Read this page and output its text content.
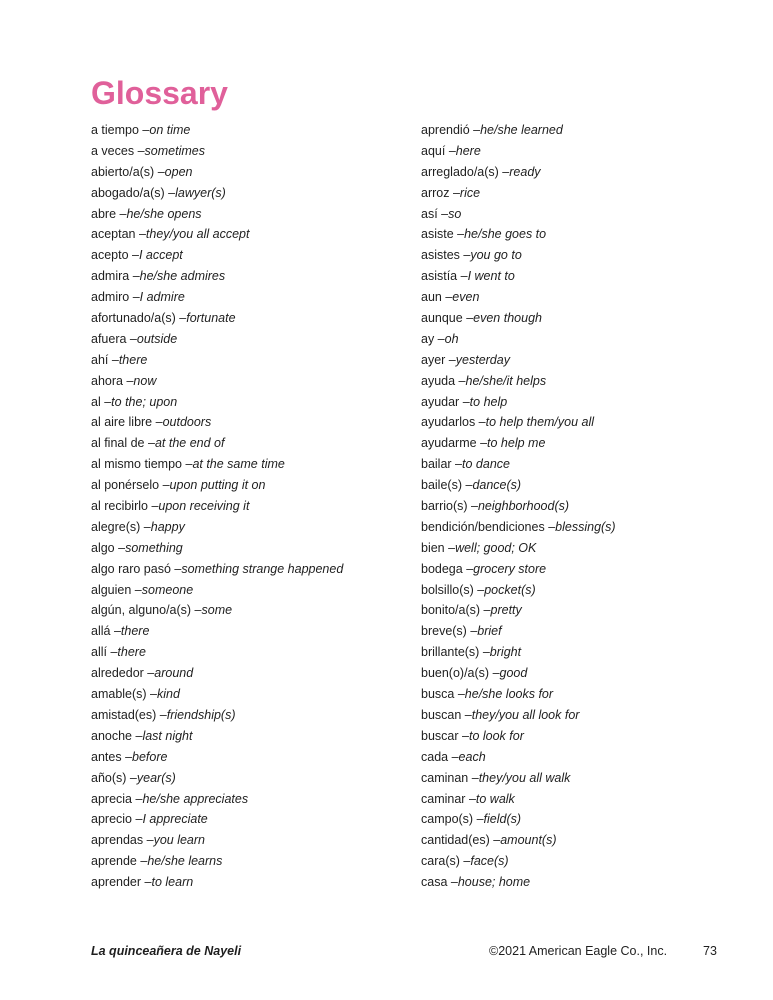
Glossary
a tiempo – on time
a veces – sometimes
abierto/a(s) – open
abogado/a(s) – lawyer(s)
abre – he/she opens
aceptan – they/you all accept
acepto – I accept
admira – he/she admires
admiro – I admire
afortunado/a(s) – fortunate
afuera – outside
ahí – there
ahora – now
al – to the; upon
al aire libre – outdoors
al final de – at the end of
al mismo tiempo – at the same time
al ponérselo – upon putting it on
al recibirlo – upon receiving it
alegre(s) – happy
algo – something
algo raro pasó – something strange happened
alguien – someone
algún, alguno/a(s) – some
allá – there
allí – there
alrededor – around
amable(s) – kind
amistad(es) – friendship(s)
anoche – last night
antes – before
año(s) – year(s)
aprecia – he/she appreciates
aprecio – I appreciate
aprendas – you learn
aprende – he/she learns
aprender – to learn
aprendió – he/she learned
aquí – here
arreglado/a(s) – ready
arroz – rice
así – so
asiste – he/she goes to
asistes – you go to
asistía – I went to
aun – even
aunque – even though
ay – oh
ayer – yesterday
ayuda – he/she/it helps
ayudar – to help
ayudarlos – to help them/you all
ayudarme – to help me
bailar – to dance
baile(s) – dance(s)
barrio(s) – neighborhood(s)
bendición/bendiciones – blessing(s)
bien – well; good; OK
bodega – grocery store
bolsillo(s) – pocket(s)
bonito/a(s) – pretty
breve(s) – brief
brillante(s) – bright
buen(o)/a(s) – good
busca – he/she looks for
buscan – they/you all look for
buscar – to look for
cada – each
caminan – they/you all walk
caminar – to walk
campo(s) – field(s)
cantidad(es) – amount(s)
cara(s) – face(s)
casa – house; home
La quinceañera de Nayeli	©2021 American Eagle Co., Inc.	73
